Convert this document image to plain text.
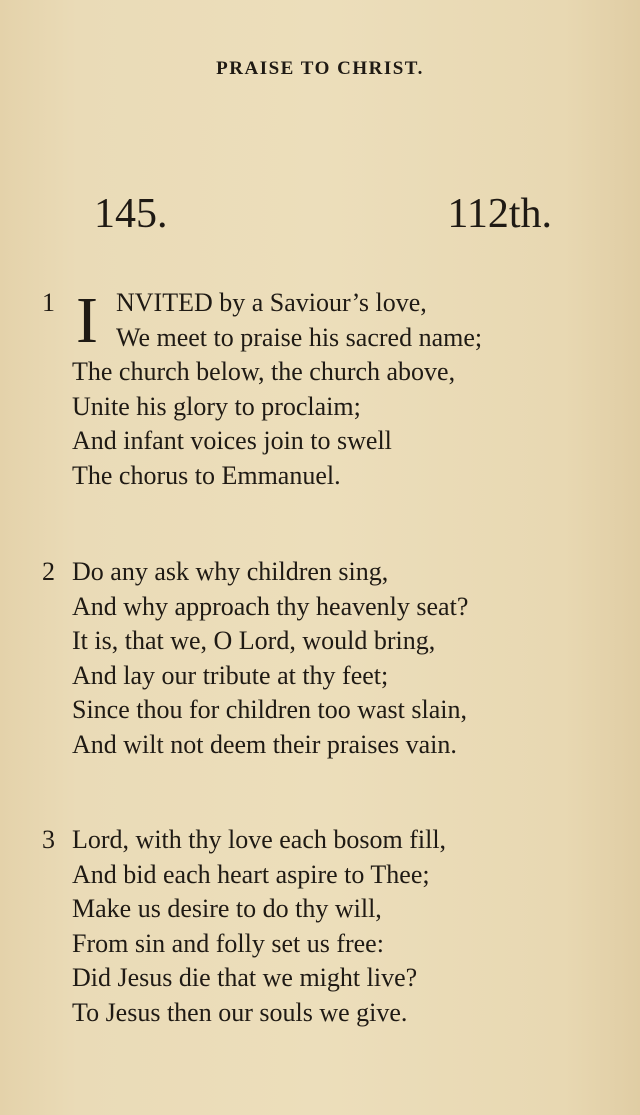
PRAISE TO CHRIST.
145.	112th.
1 I NVITED by a Saviour’s love,
We meet to praise his sacred name;
The church below, the church above,
Unite his glory to proclaim;
And infant voices join to swell
The chorus to Emmanuel.
2 Do any ask why children sing,
And why approach thy heavenly seat?
It is, that we, O Lord, would bring,
And lay our tribute at thy feet;
Since thou for children too wast slain,
And wilt not deem their praises vain.
3 Lord, with thy love each bosom fill,
And bid each heart aspire to Thee;
Make us desire to do thy will,
From sin and folly set us free:
Did Jesus die that we might live?
To Jesus then our souls we give.
